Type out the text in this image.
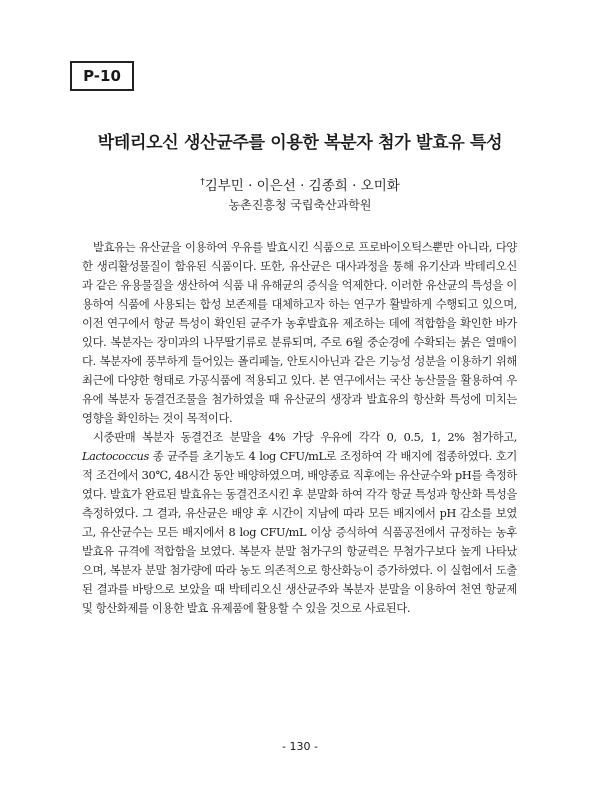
P-10
박테리오신 생산균주를 이용한 복분자 첨가 발효유 특성
†김부민 · 이은선 · 김종희 · 오미화
농촌진흥청 국립축산과학원

발효유는 유산균을 이용하여 우유를 발효시킨 식품으로 프로바이오틱스뿐만 아니라, 다양한 생리활성물질이 함유된 식품이다. 또한, 유산균은 대사과정을 통해 유기산과 박테리오신과 같은 유용물질을 생산하여 식품 내 유해균의 증식을 억제한다. 이러한 유산균의 특성을 이용하여 식품에 사용되는 합성 보존제를 대체하고자 하는 연구가 활발하게 수행되고 있으며, 이전 연구에서 항균 특성이 확인된 균주가 농후발효유 제조하는 데에 적합함을 확인한 바가 있다. 복분자는 장미과의 나무딸기류로 분류되며, 주로 6월 중순경에 수확되는 붉은 열매이다. 복분자에 풍부하게 들어있는 폴리페놀, 안토시아닌과 같은 기능성 성분을 이용하기 위해 최근에 다양한 형태로 가공식품에 적용되고 있다. 본 연구에서는 국산 농산물을 활용하여 우유에 복분자 동결건조물을 첨가하였을 때 유산균의 생장과 발효유의 항산화 특성에 미치는 영향을 확인하는 것이 목적이다.

시중판매 복분자 동결건조 분말을 4% 가당 우유에 각각 0, 0.5, 1, 2% 첨가하고, Lactococcus 종 균주를 초기농도 4 log CFU/mL로 조정하여 각 배지에 접종하였다. 호기적 조건에서 30℃, 48시간 동안 배양하였으며, 배양종료 직후에는 유산균수와 pH를 측정하였다. 발효가 완료된 발효유는 동결건조시킨 후 분말화 하여 각각 항균 특성과 항산화 특성을 측정하였다. 그 결과, 유산균은 배양 후 시간이 지남에 따라 모든 배지에서 pH 감소를 보였고, 유산균수는 모든 배지에서 8 log CFU/mL 이상 증식하여 식품공전에서 규정하는 농후발효유 규격에 적합함을 보였다. 복분자 분말 첨가구의 항균력은 무첨가구보다 높게 나타났으며, 복분자 분말 첨가량에 따라 농도 의존적으로 항산화능이 증가하였다. 이 실험에서 도출된 결과를 바탕으로 보았을 때 박테리오신 생산균주와 복분자 분말을 이용하여 천연 항균제 및 항산화제를 이용한 발효 유제품에 활용할 수 있을 것으로 사료된다.

- 130 -
